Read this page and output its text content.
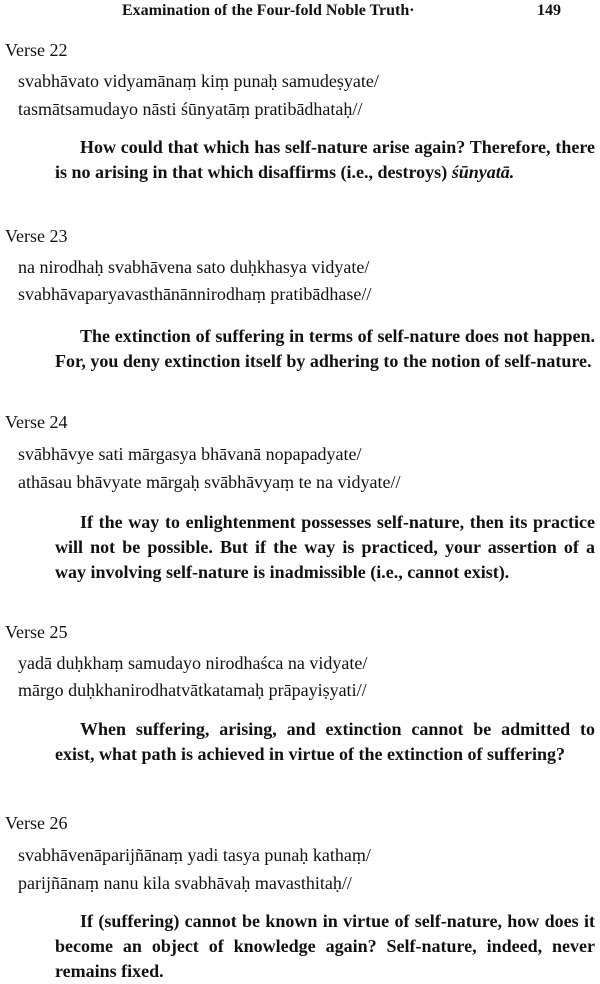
Examination of the Four-fold Noble Truth·	149
Verse 22
svabhāvato vidyamānaṃ kiṃ punaḥ samudeṣyate/
tasmātsamudayo nāsti śūnyatāṃ pratibādhataḥ//
How could that which has self-nature arise again? Therefore, there is no arising in that which disaffirms (i.e., destroys) śūnyatā.
Verse 23
na nirodhaḥ svabhāvena sato duḥkhasya vidyate/
svabhāvaparyavasthānānnirodhaṃ pratibādhase//
The extinction of suffering in terms of self-nature does not happen. For, you deny extinction itself by adhering to the notion of self-nature.
Verse 24
svābhāvye sati mārgasya bhāvanā nopapadyate/
athāsau bhāvyate mārgaḥ svābhāvyaṃ te na vidyate//
If the way to enlightenment possesses self-nature, then its practice will not be possible. But if the way is practiced, your assertion of a way involving self-nature is inadmissible (i.e., cannot exist).
Verse 25
yadā duḥkhaṃ samudayo nirodhaśca na vidyate/
mārgo duḥkhanirodhatvātkatamaḥ prāpayiṣyati//
When suffering, arising, and extinction cannot be admitted to exist, what path is achieved in virtue of the extinction of suffering?
Verse 26
svabhāvenāparijñānaṃ yadi tasya punaḥ kathaṃ/
parijñānaṃ nanu kila svabhāvaḥ mavasthitaḥ//
If (suffering) cannot be known in virtue of self-nature, how does it become an object of knowledge again? Self-nature, indeed, never remains fixed.
